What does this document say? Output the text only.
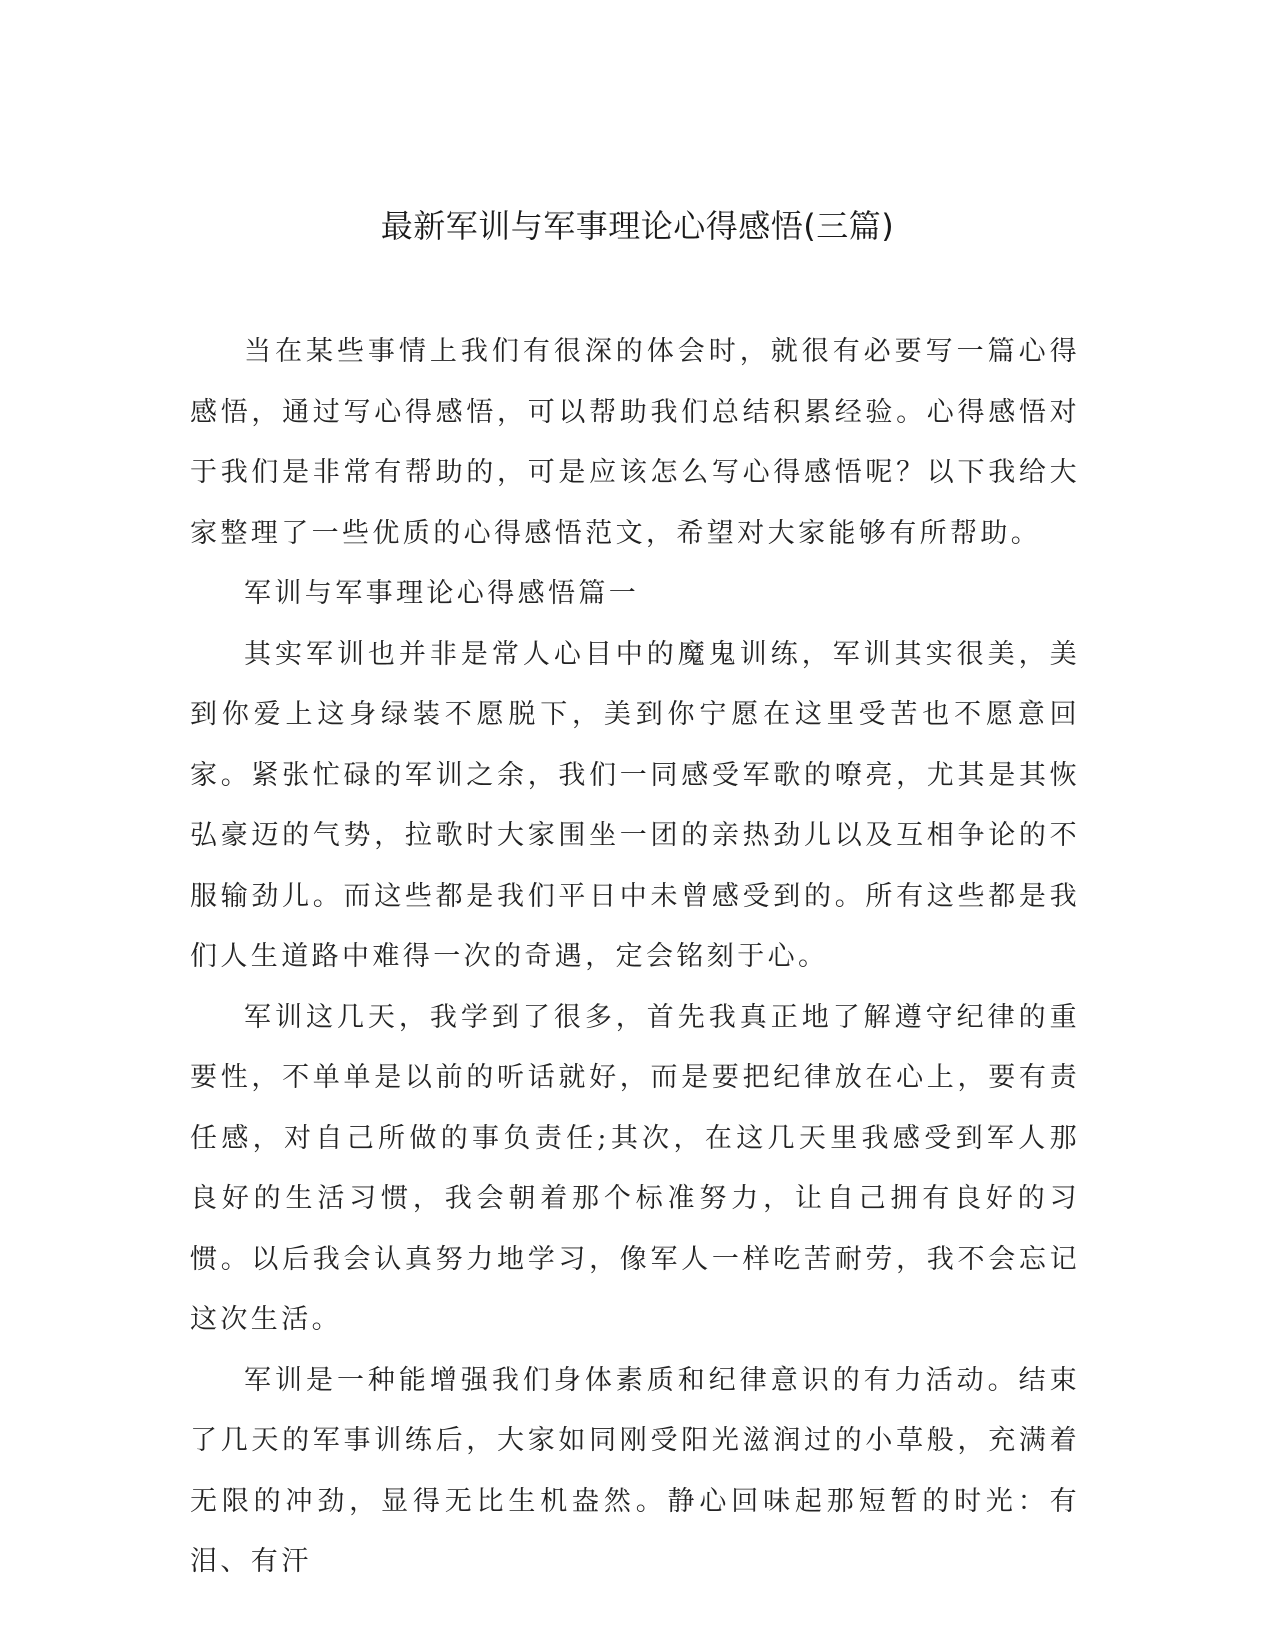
最新军训与军事理论心得感悟(三篇)

当在某些事情上我们有很深的体会时，就很有必要写一篇心得感悟，通过写心得感悟，可以帮助我们总结积累经验。心得感悟对于我们是非常有帮助的，可是应该怎么写心得感悟呢？以下我给大家整理了一些优质的心得感悟范文，希望对大家能够有所帮助。

军训与军事理论心得感悟篇一

其实军训也并非是常人心目中的魔鬼训练，军训其实很美，美到你爱上这身绿装不愿脱下，美到你宁愿在这里受苦也不愿意回家。紧张忙碌的军训之余，我们一同感受军歌的嘹亮，尤其是其恢弘豪迈的气势，拉歌时大家围坐一团的亲热劲儿以及互相争论的不服输劲儿。而这些都是我们平日中未曾感受到的。所有这些都是我们人生道路中难得一次的奇遇，定会铭刻于心。

军训这几天，我学到了很多，首先我真正地了解遵守纪律的重要性，不单单是以前的听话就好，而是要把纪律放在心上，要有责任感，对自己所做的事负责任;其次，在这几天里我感受到军人那良好的生活习惯，我会朝着那个标准努力，让自己拥有良好的习惯。以后我会认真努力地学习，像军人一样吃苦耐劳，我不会忘记这次生活。

军训是一种能增强我们身体素质和纪律意识的有力活动。结束了几天的军事训练后，大家如同刚受阳光滋润过的小草般，充满着无限的冲劲，显得无比生机盎然。静心回味起那短暂的时光：有泪、有汗
